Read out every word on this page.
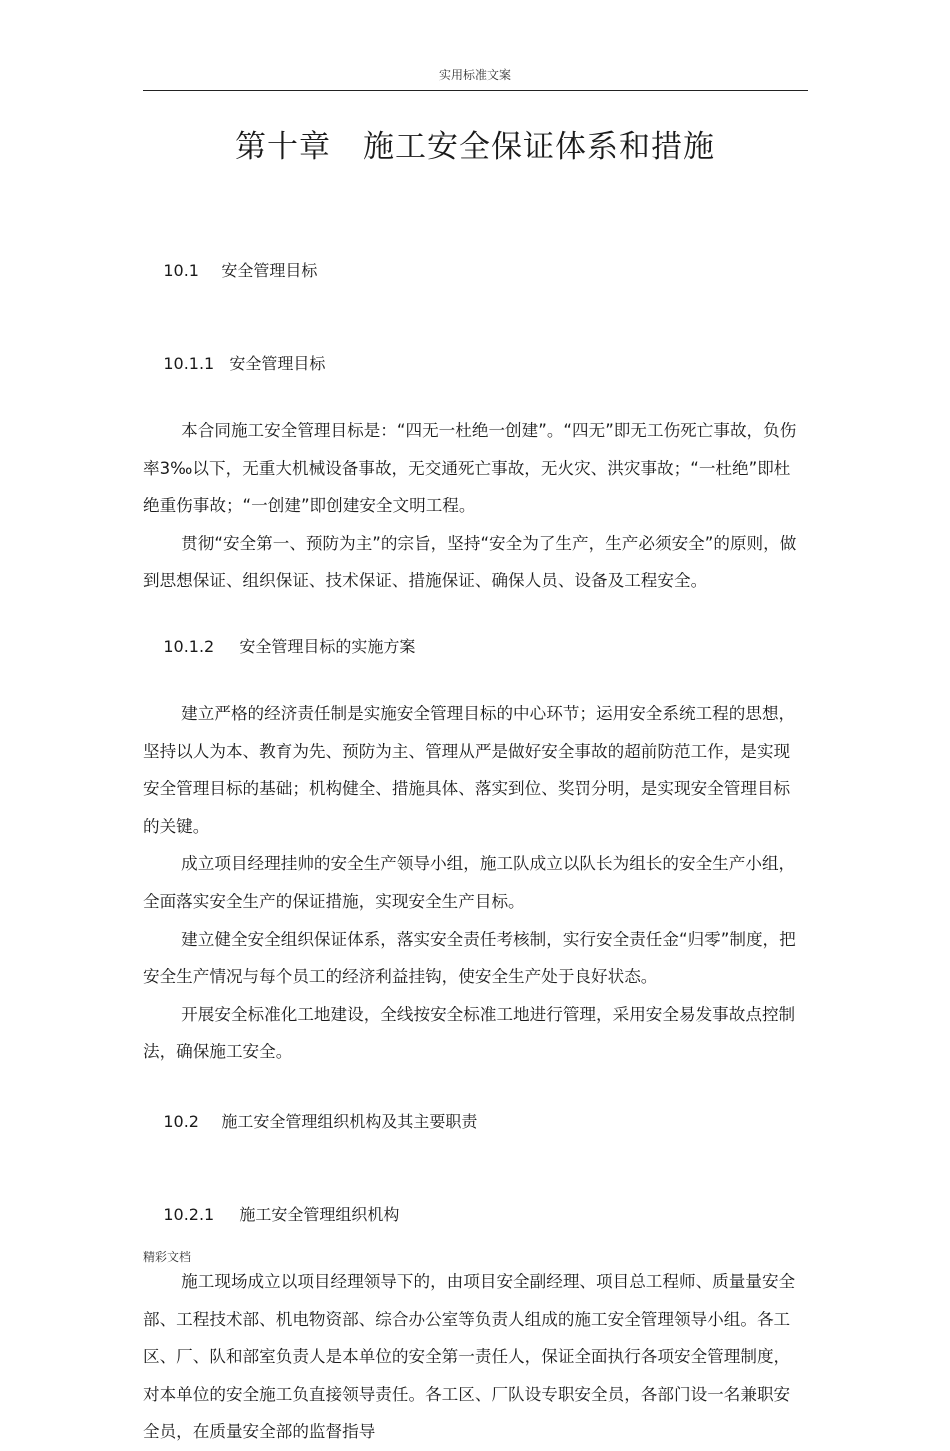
实用标准文案
第十章　施工安全保证体系和措施

10.1 安全管理目标

10.1.1 安全管理目标

本合同施工安全管理目标是：“四无一杜绝一创建”。“四无”即无工伤死亡事故，负伤率3‰以下，无重大机械设备事故，无交通死亡事故，无火灾、洪灾事故；“一杜绝”即杜绝重伤事故；“一创建”即创建安全文明工程。

贯彻“安全第一、预防为主”的宗旨，坚持“安全为了生产，生产必须安全”的原则，做到思想保证、组织保证、技术保证、措施保证、确保人员、设备及工程安全。

10.1.2 安全管理目标的实施方案

建立严格的经济责任制是实施安全管理目标的中心环节；运用安全系统工程的思想，坚持以人为本、教育为先、预防为主、管理从严是做好安全事故的超前防范工作，是实现安全管理目标的基础；机构健全、措施具体、落实到位、奖罚分明，是实现安全管理目标的关键。

成立项目经理挂帅的安全生产领导小组，施工队成立以队长为组长的安全生产小组，全面落实安全生产的保证措施，实现安全生产目标。

建立健全安全组织保证体系，落实安全责任考核制，实行安全责任金“归零”制度，把安全生产情况与每个员工的经济利益挂钩，使安全生产处于良好状态。

开展安全标准化工地建设，全线按安全标准工地进行管理，采用安全易发事故点控制法，确保施工安全。

10.2 施工安全管理组织机构及其主要职责

10.2.1 施工安全管理组织机构

施工现场成立以项目经理领导下的，由项目安全副经理、项目总工程师、质量量安全部、工程技术部、机电物资部、综合办公室等负责人组成的施工安全管理领导小组。各工区、厂、队和部室负责人是本单位的安全第一责任人，保证全面执行各项安全管理制度，对本单位的安全施工负直接领导责任。各工区、厂队设专职安全员，各部门设一名兼职安全员，在质量安全部的监督指导

精彩文档
